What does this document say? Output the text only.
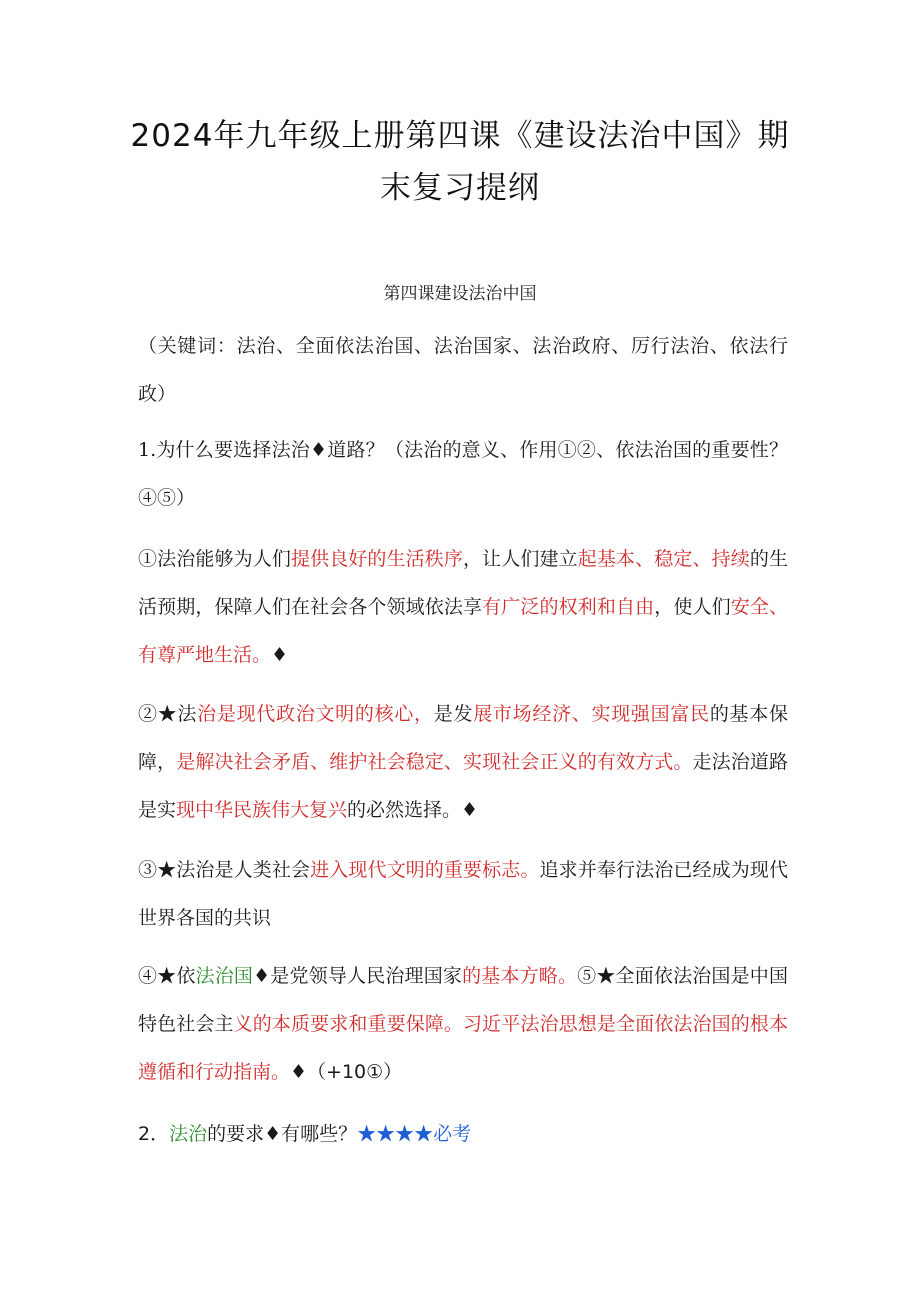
2024年九年级上册第四课《建设法治中国》期末复习提纲
第四课建设法治中国
（关键词：法治、全面依法治国、法治国家、法治政府、厉行法治、依法行政）
1.为什么要选择法治♦道路？（法治的意义、作用①②、依法治国的重要性？④⑤）
①法治能够为人们提供良好的生活秩序，让人们建立起基本、稳定、持续的生活预期，保障人们在社会各个领域依法享有广泛的权利和自由，使人们安全、有尊严地生活。♦
②★法治是现代政治文明的核心，是发展市场经济、实现强国富民的基本保障，是解决社会矛盾、维护社会稳定、实现社会正义的有效方式。走法治道路是实现中华民族伟大复兴的必然选择。♦
③★法治是人类社会进入现代文明的重要标志。追求并奉行法治已经成为现代世界各国的共识
④★依法治国♦是党领导人民治理国家的基本方略。⑤★全面依法治国是中国特色社会主义的本质要求和重要保障。习近平法治思想是全面依法治国的根本遵循和行动指南。♦（+10①）
2．法治的要求♦有哪些？★★★★必考
